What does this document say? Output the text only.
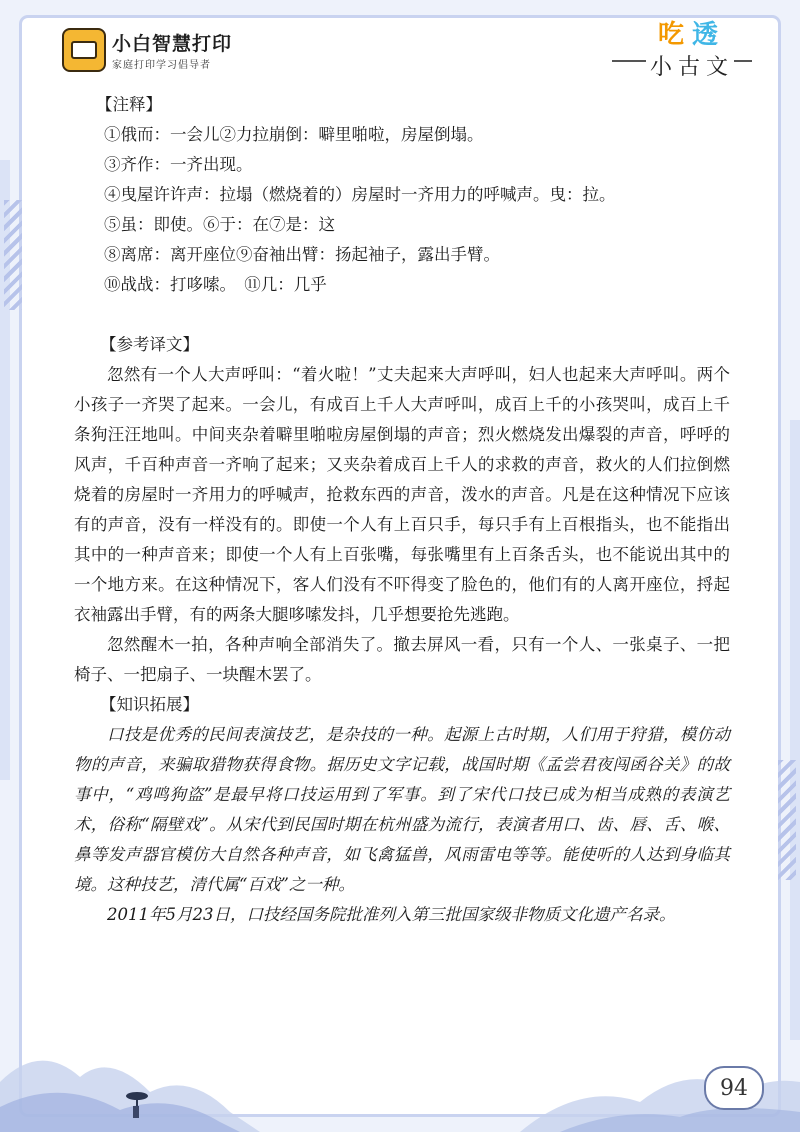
小白智慧打印
家庭打印学习倡导者
吃 透
小古文

【注释】

①俄而：一会儿②力拉崩倒：噼里啪啦，房屋倒塌。

③齐作：一齐出现。

④曳屋许许声：拉塌（燃烧着的）房屋时一齐用力的呼喊声。曳：拉。

⑤虽：即使。⑥于：在⑦是：这

⑧离席：离开座位⑨奋袖出臂：扬起袖子，露出手臂。

⑩战战：打哆嗦。　⑪几：几乎

【参考译文】

忽然有一个人大声呼叫：“着火啦！”丈夫起来大声呼叫，妇人也起来大声呼叫。两个小孩子一齐哭了起来。一会儿，有成百上千人大声呼叫，成百上千的小孩哭叫，成百上千条狗汪汪地叫。中间夹杂着噼里啪啦房屋倒塌的声音；烈火燃烧发出爆裂的声音，呼呼的风声，千百种声音一齐响了起来；又夹杂着成百上千人的求救的声音，救火的人们拉倒燃烧着的房屋时一齐用力的呼喊声，抢救东西的声音，泼水的声音。凡是在这种情况下应该有的声音，没有一样没有的。即使一个人有上百只手，每只手有上百根指头，也不能指出其中的一种声音来；即使一个人有上百张嘴，每张嘴里有上百条舌头，也不能说出其中的一个地方来。在这种情况下，客人们没有不吓得变了脸色的，他们有的人离开座位，捋起衣袖露出手臂，有的两条大腿哆嗦发抖，几乎想要抢先逃跑。

忽然醒木一拍，各种声响全部消失了。撤去屏风一看，只有一个人、一张桌子、一把椅子、一把扇子、一块醒木罢了。

【知识拓展】

口技是优秀的民间表演技艺，是杂技的一种。起源上古时期，人们用于狩猎，模仿动物的声音，来骗取猎物获得食物。据历史文字记载，战国时期《孟尝君夜闯函谷关》的故事中，“鸡鸣狗盗”是最早将口技运用到了军事。到了宋代口技已成为相当成熟的表演艺术，俗称“隔壁戏”。从宋代到民国时期在杭州盛为流行，表演者用口、齿、唇、舌、喉、鼻等发声器官模仿大自然各种声音，如飞禽猛兽，风雨雷电等等。能使听的人达到身临其境。这种技艺，清代属“百戏”之一种。

2011年5月23日，口技经国务院批准列入第三批国家级非物质文化遗产名录。

94
